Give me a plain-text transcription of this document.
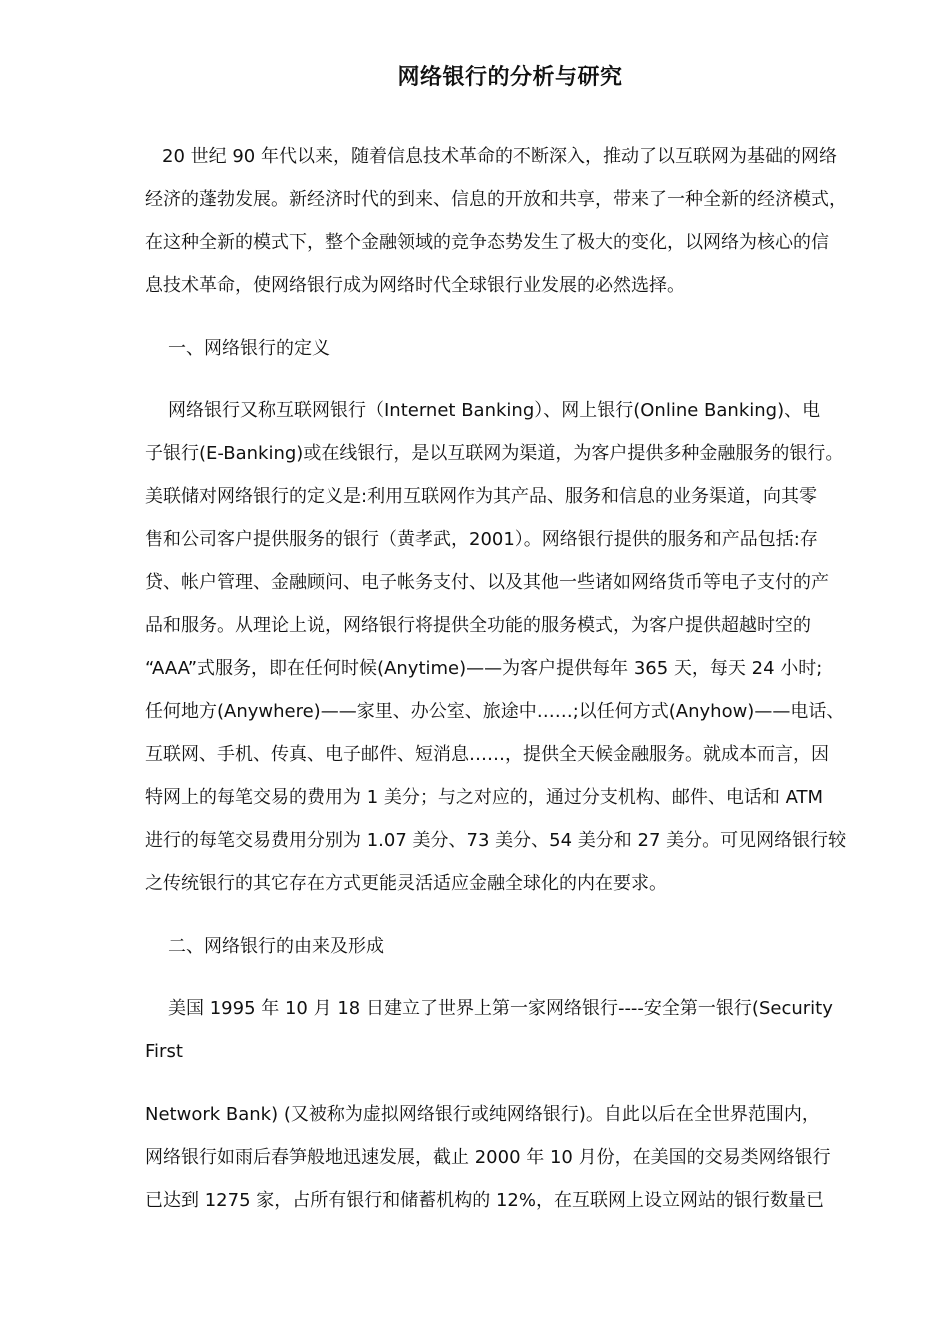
网络银行的分析与研究
20 世纪 90 年代以来，随着信息技术革命的不断深入，推动了以互联网为基础的网络
经济的蓬勃发展。新经济时代的到来、信息的开放和共享，带来了一种全新的经济模式，
在这种全新的模式下，整个金融领域的竞争态势发生了极大的变化，以网络为核心的信
息技术革命，使网络银行成为网络时代全球银行业发展的必然选择。
一、网络银行的定义
网络银行又称互联网银行（Internet Banking）、网上银行(Online Banking)、电
子银行(E-Banking)或在线银行，是以互联网为渠道，为客户提供多种金融服务的银行。
美联储对网络银行的定义是:利用互联网作为其产品、服务和信息的业务渠道，向其零
售和公司客户提供服务的银行（黄孝武，2001）。网络银行提供的服务和产品包括:存
贷、帐户管理、金融顾问、电子帐务支付、以及其他一些诸如网络货币等电子支付的产
品和服务。从理论上说，网络银行将提供全功能的服务模式，为客户提供超越时空的
“AAA”式服务，即在任何时候(Anytime)——为客户提供每年 365 天，每天 24 小时;
任何地方(Anywhere)——家里、办公室、旅途中……;以任何方式(Anyhow)——电话、
互联网、手机、传真、电子邮件、短消息……，提供全天候金融服务。就成本而言，因
特网上的每笔交易的费用为 1 美分；与之对应的，通过分支机构、邮件、电话和 ATM
进行的每笔交易费用分别为 1.07 美分、73 美分、54 美分和 27 美分。可见网络银行较
之传统银行的其它存在方式更能灵活适应金融全球化的内在要求。
二、网络银行的由来及形成
美国 1995 年 10 月 18 日建立了世界上第一家网络银行----安全第一银行(Security
First
Network Bank) (又被称为虚拟网络银行或纯网络银行)。自此以后在全世界范围内，
网络银行如雨后春笋般地迅速发展，截止 2000 年 10 月份，在美国的交易类网络银行
已达到 1275 家，占所有银行和储蓄机构的 12%，在互联网上设立网站的银行数量已
